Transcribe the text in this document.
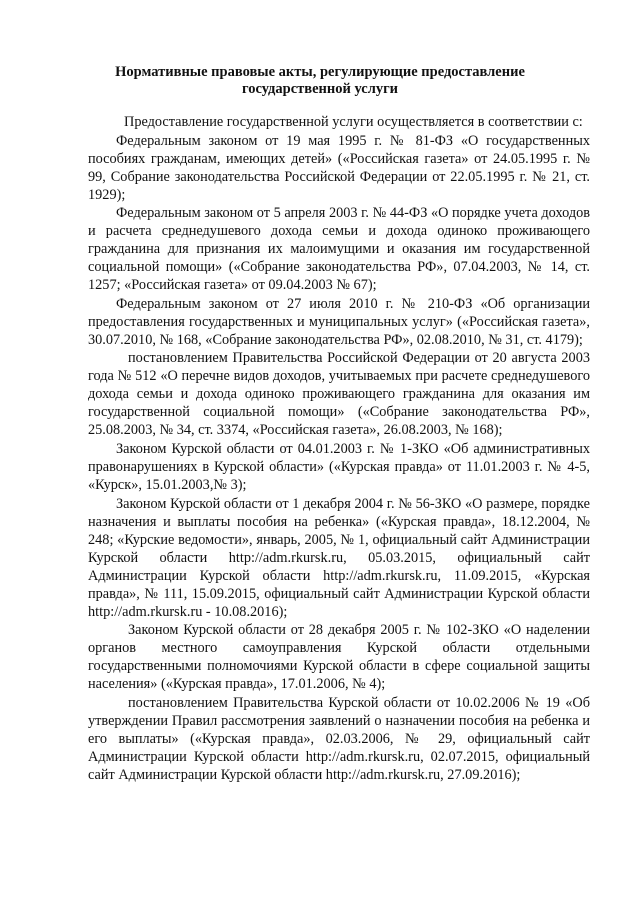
Нормативные правовые акты, регулирующие предоставление государственной услуги

Предоставление государственной услуги осуществляется в соответствии с:

Федеральным законом от 19 мая 1995 г. № 81-ФЗ «О государственных пособиях гражданам, имеющих детей» («Российская газета» от 24.05.1995 г. № 99, Собрание законодательства Российской Федерации от 22.05.1995 г. № 21, ст. 1929);

Федеральным законом от 5 апреля 2003 г. № 44-ФЗ «О порядке учета доходов и расчета среднедушевого дохода семьи и дохода одиноко проживающего гражданина для признания их малоимущими и оказания им государственной социальной помощи» («Собрание законодательства РФ», 07.04.2003, № 14, ст. 1257; «Российская газета» от 09.04.2003 № 67);

Федеральным законом от 27 июля 2010 г. № 210-ФЗ «Об организации предоставления государственных и муниципальных услуг» («Российская газета», 30.07.2010, № 168, «Собрание законодательства РФ», 02.08.2010, № 31, ст. 4179);

постановлением Правительства Российской Федерации от 20 августа 2003 года № 512 «О перечне видов доходов, учитываемых при расчете среднедушевого дохода семьи и дохода одиноко проживающего гражданина для оказания им государственной социальной помощи» («Собрание законодательства РФ», 25.08.2003, № 34, ст. 3374, «Российская газета», 26.08.2003, № 168);

Законом Курской области от 04.01.2003 г. № 1-ЗКО «Об административных правонарушениях в Курской области» («Курская правда» от 11.01.2003 г. № 4-5, «Курск», 15.01.2003,№ 3);

Законом Курской области от 1 декабря 2004 г. № 56-ЗКО «О размере, порядке назначения и выплаты пособия на ребенка» («Курская правда», 18.12.2004, № 248; «Курские ведомости», январь, 2005, № 1, официальный сайт Администрации Курской области http://adm.rkursk.ru, 05.03.2015, официальный сайт Администрации Курской области http://adm.rkursk.ru, 11.09.2015, «Курская правда», № 111, 15.09.2015, официальный сайт Администрации Курской области http://adm.rkursk.ru - 10.08.2016);

Законом Курской области от 28 декабря 2005 г. № 102-ЗКО «О наделении органов местного самоуправления Курской области отдельными государственными полномочиями Курской области в сфере социальной защиты населения» («Курская правда», 17.01.2006, № 4);

постановлением Правительства Курской области от 10.02.2006 № 19 «Об утверждении Правил рассмотрения заявлений о назначении пособия на ребенка и его выплаты» («Курская правда», 02.03.2006, № 29, официальный сайт Администрации Курской области http://adm.rkursk.ru, 02.07.2015, официальный сайт Администрации Курской области http://adm.rkursk.ru, 27.09.2016);
